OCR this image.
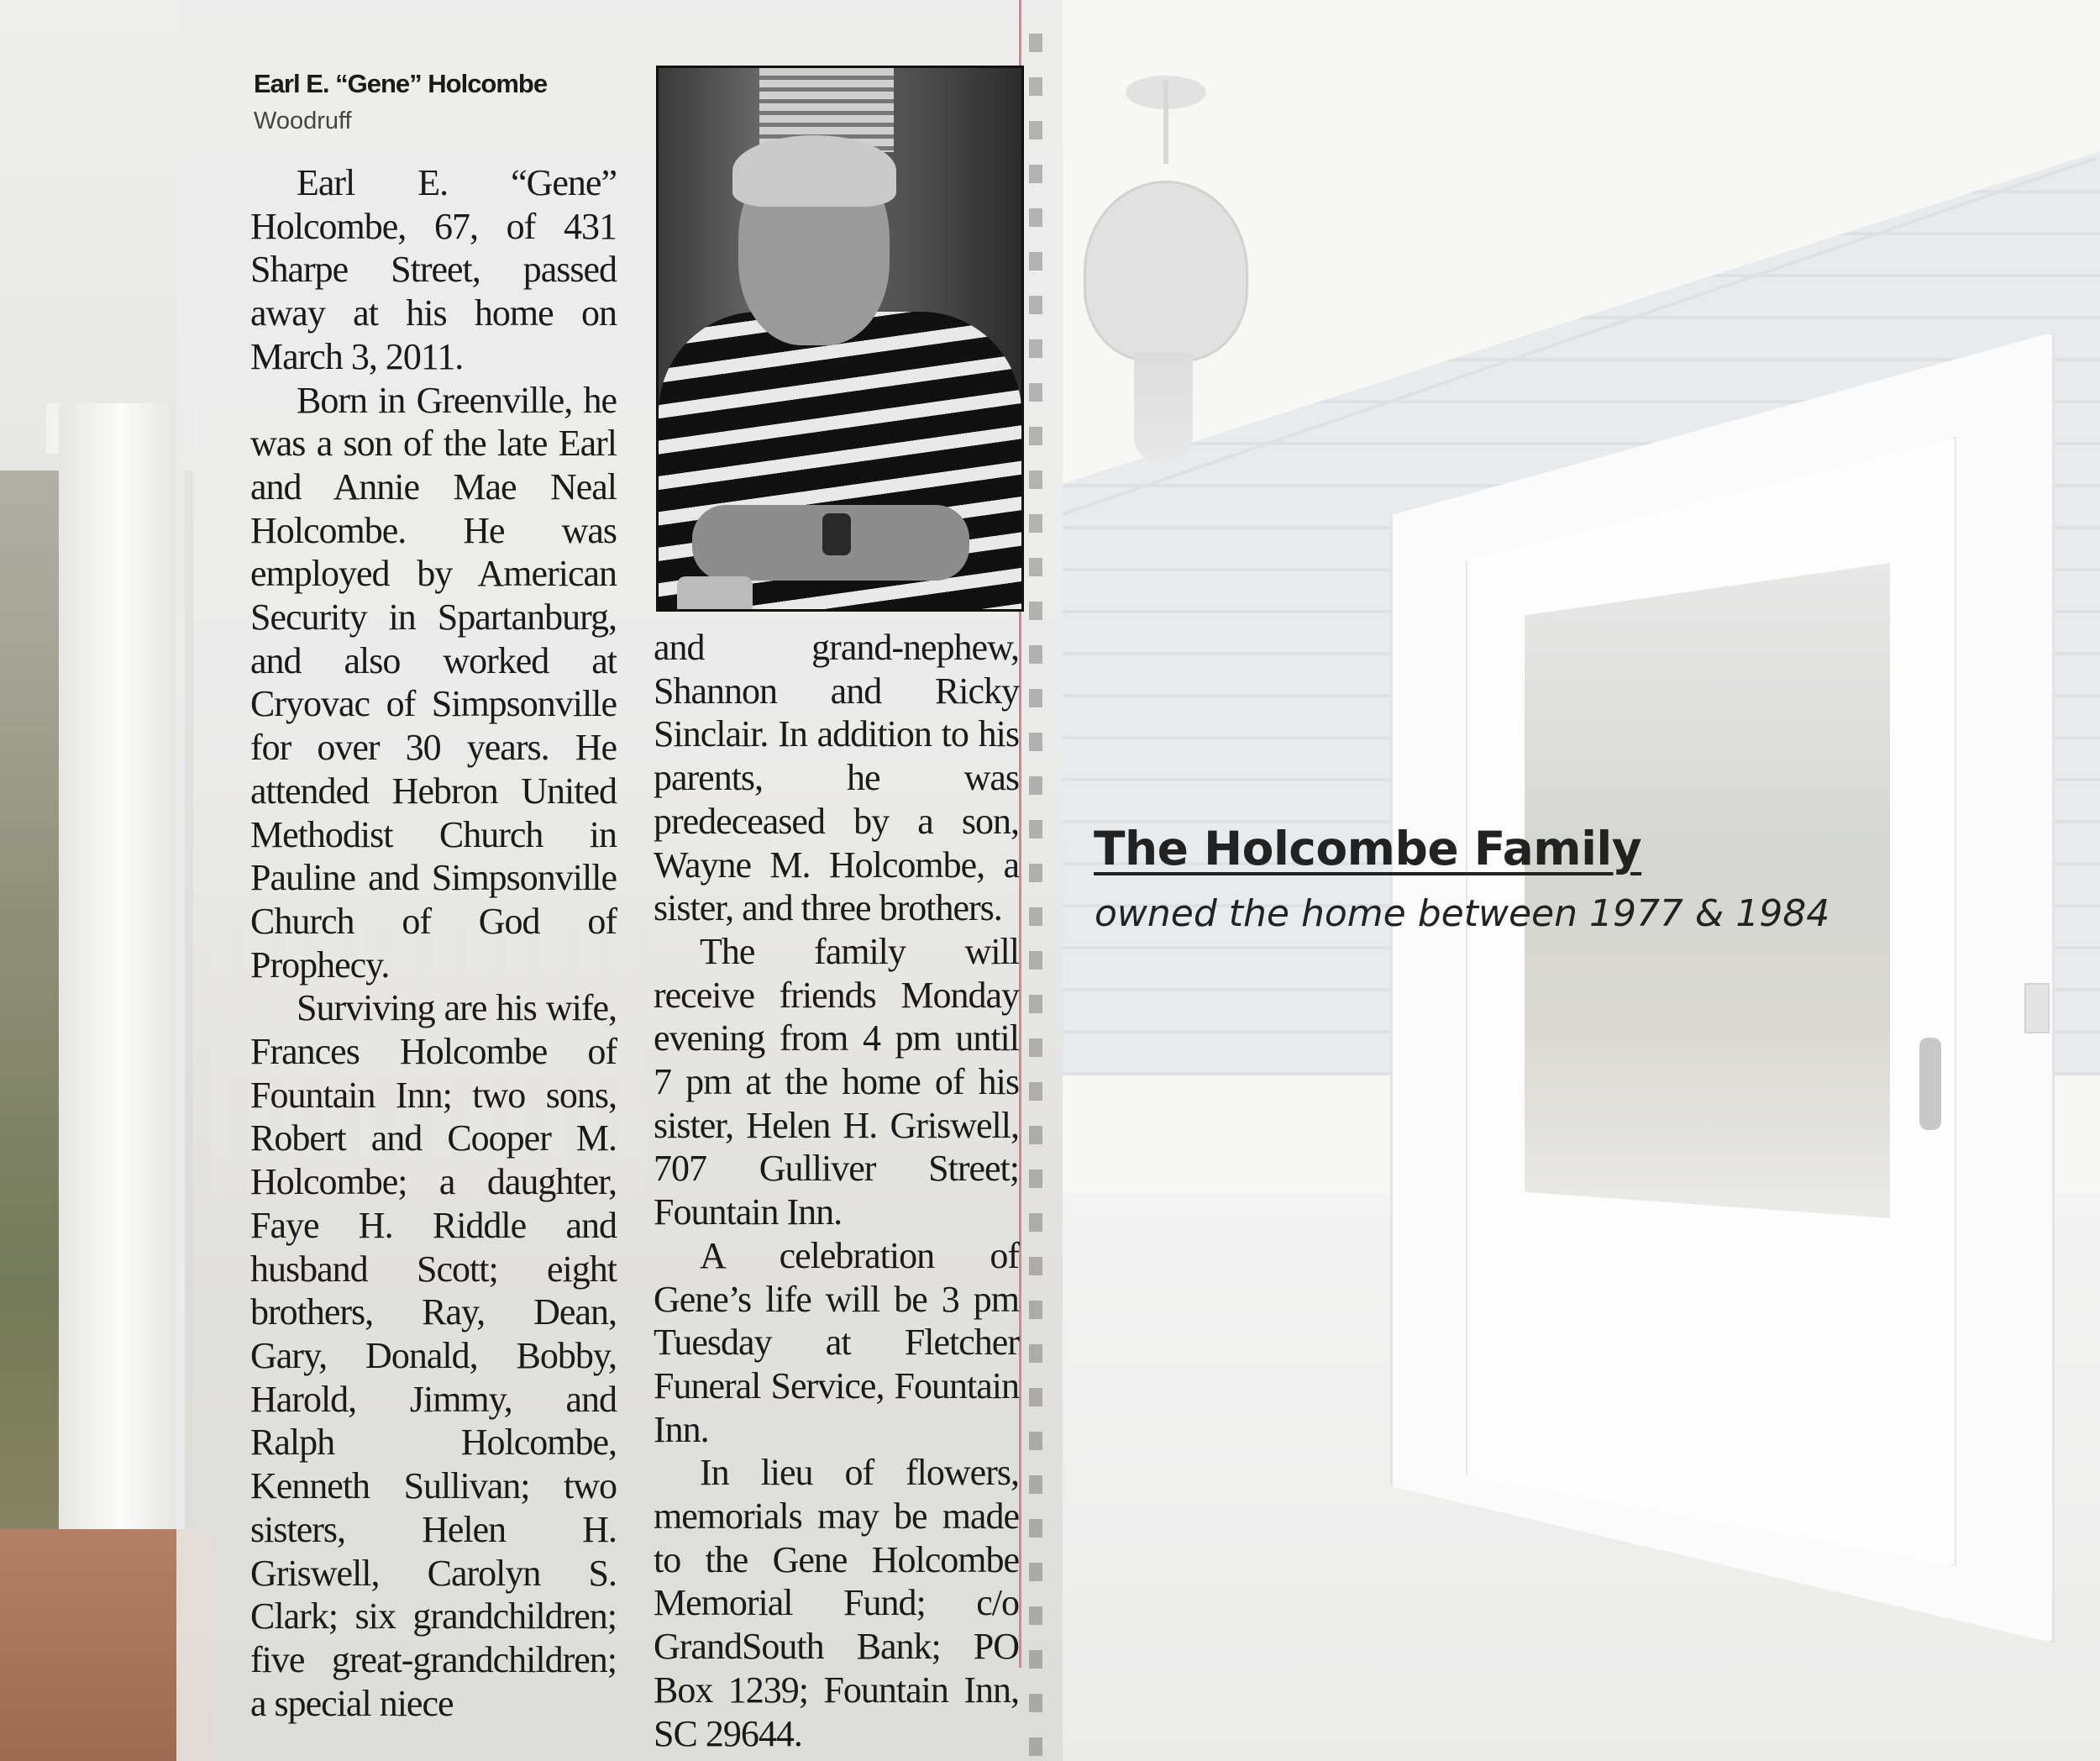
Earl E. “Gene” Holcombe
Woodruff

Earl E. “Gene” Holcombe, 67, of 431 Sharpe Street, passed away at his home on March 3, 2011.

Born in Greenville, he was a son of the late Earl and Annie Mae Neal Holcombe. He was employed by American Security in Spartanburg, and also worked at Cryovac of Simpsonville for over 30 years. He attended Hebron United Methodist Church in Pauline and Simpsonville Church of God of Prophecy.

Surviving are his wife, Frances Holcombe of Fountain Inn; two sons, Robert and Cooper M. Holcombe; a daughter, Faye H. Riddle and husband Scott; eight brothers, Ray, Dean, Gary, Donald, Bobby, Harold, Jimmy, and Ralph Holcombe, Kenneth Sullivan; two sisters, Helen H. Griswell, Carolyn S. Clark; six grandchildren; five great-grandchildren; a special niece

and grand-nephew, Shannon and Ricky Sinclair. In addition to his parents, he was predeceased by a son, Wayne M. Holcombe, a sister, and three brothers.

The family will receive friends Monday evening from 4 pm until 7 pm at the home of his sister, Helen H. Griswell, 707 Gulliver Street; Fountain Inn.

A celebration of Gene’s life will be 3 pm Tuesday at Fletcher Funeral Service, Fountain Inn.

In lieu of flowers, memorials may be made to the Gene Holcombe Memorial Fund; c/o GrandSouth Bank; PO Box 1239; Fountain Inn, SC 29644.

The Holcombe Family
owned the home between 1977 & 1984
